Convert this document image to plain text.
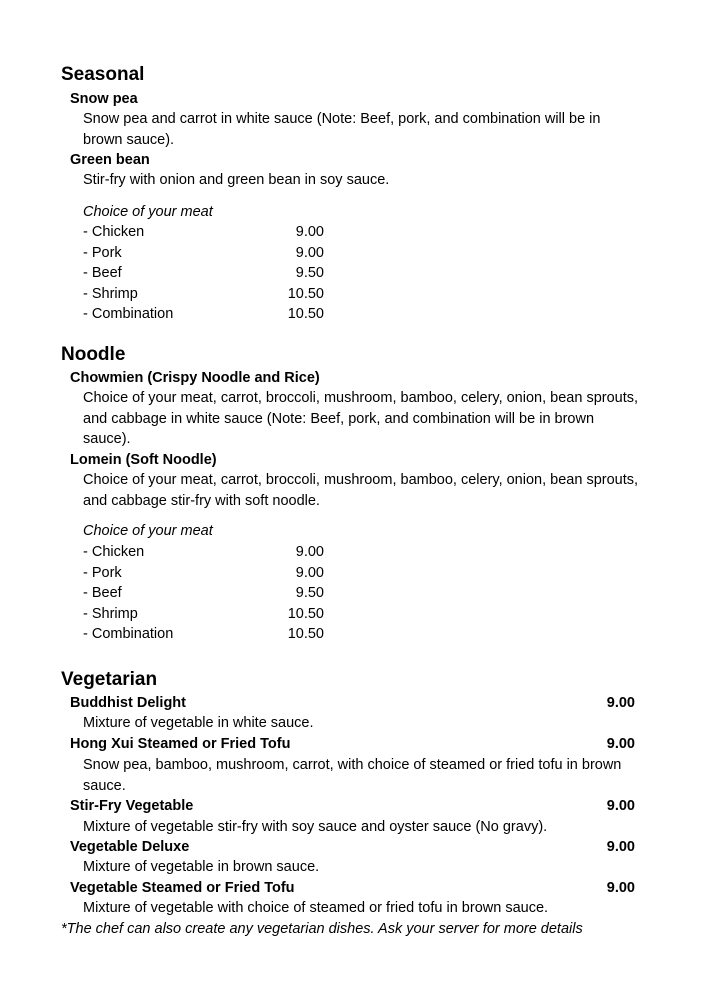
Seasonal
Snow pea
Snow pea and carrot in white sauce (Note: Beef, pork, and combination will be in brown sauce).
Green bean
Stir-fry with onion and green bean in soy sauce.
Choice of your meat
- Chicken	9.00
- Pork	9.00
- Beef	9.50
- Shrimp	10.50
- Combination	10.50
Noodle
Chowmien (Crispy Noodle and Rice)
Choice of your meat, carrot, broccoli, mushroom, bamboo, celery, onion, bean sprouts, and cabbage in white sauce (Note: Beef, pork, and combination will be in brown sauce).
Lomein (Soft Noodle)
Choice of your meat, carrot, broccoli, mushroom, bamboo, celery, onion, bean sprouts, and cabbage stir-fry with soft noodle.
Choice of your meat
- Chicken	9.00
- Pork	9.00
- Beef	9.50
- Shrimp	10.50
- Combination	10.50
Vegetarian
Buddhist Delight	9.00
Mixture of vegetable in white sauce.
Hong Xui Steamed or Fried Tofu	9.00
Snow pea, bamboo, mushroom, carrot, with choice of steamed or fried tofu in brown sauce.
Stir-Fry Vegetable	9.00
Mixture of vegetable stir-fry with soy sauce and oyster sauce (No gravy).
Vegetable Deluxe	9.00
Mixture of vegetable in brown sauce.
Vegetable Steamed or Fried Tofu	9.00
Mixture of vegetable with choice of steamed or fried tofu in brown sauce.
*The chef can also create any vegetarian dishes. Ask your server for more details
